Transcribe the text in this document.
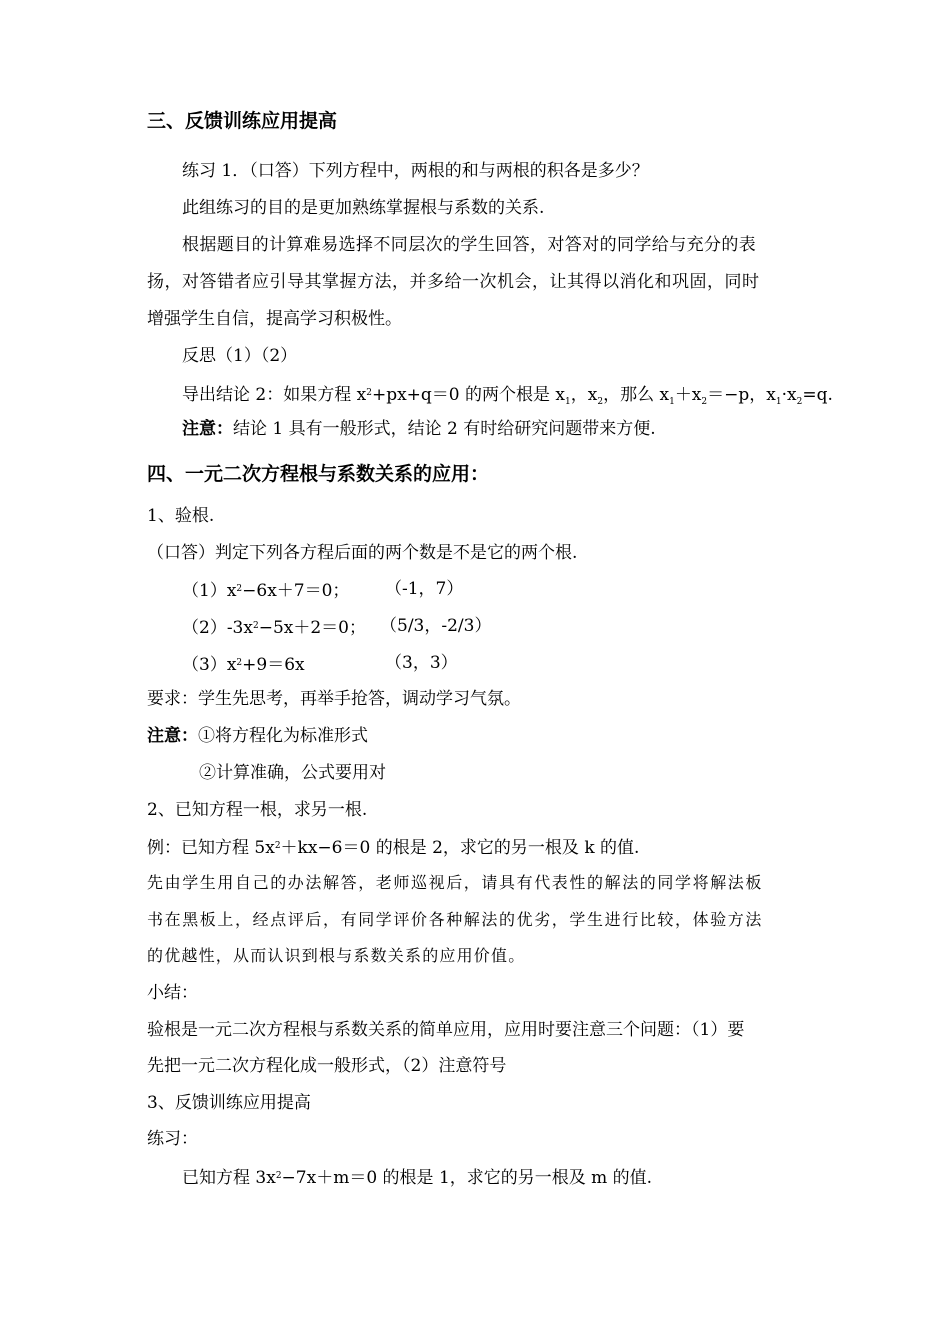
三、反馈训练应用提高
练习 1．（口答）下列方程中，两根的和与两根的积各是多少？
此组练习的目的是更加熟练掌握根与系数的关系.
根据题目的计算难易选择不同层次的学生回答，对答对的同学给与充分的表
扬，对答错者应引导其掌握方法，并多给一次机会，让其得以消化和巩固，同时
增强学生自信，提高学习积极性。
反思（1）（2）
导出结论 2：如果方程 $x^2+px+q=0$ 的两个根是 $x_1$，$x_2$，那么 $x_1+x_2=-p$，$x_1\cdot x_2=q$.
注意：结论 1 具有一般形式，结论 2 有时给研究问题带来方便.
四、一元二次方程根与系数关系的应用：
1、验根.
（口答）判定下列各方程后面的两个数是不是它的两个根.
$(1)x^2-6x+7=0$； （-1，7）
$(2)-3x^2-5x+2=0$； （5/3，-2/3）
$(3)x^2+9=6x$	（3，3）
要求：学生先思考，再举手抢答，调动学习气氛。
注意：①将方程化为标准形式
②计算准确，公式要用对
2、已知方程一根，求另一根.
例：已知方程 $5x^2+kx-6=0$ 的根是 2，求它的另一根及 k 的值.
先由学生用自己的办法解答，老师巡视后，请具有代表性的解法的同学将解法板
书在黑板上，经点评后，有同学评价各种解法的优劣，学生进行比较，体验方法
的优越性，从而认识到根与系数关系的应用价值。
小结：
验根是一元二次方程根与系数关系的简单应用，应用时要注意三个问题：（1）要
先把一元二次方程化成一般形式，（2）注意符号
3、反馈训练应用提高
练习：
已知方程 $3x^2-7x+m=0$ 的根是 1，求它的另一根及 m 的值.
